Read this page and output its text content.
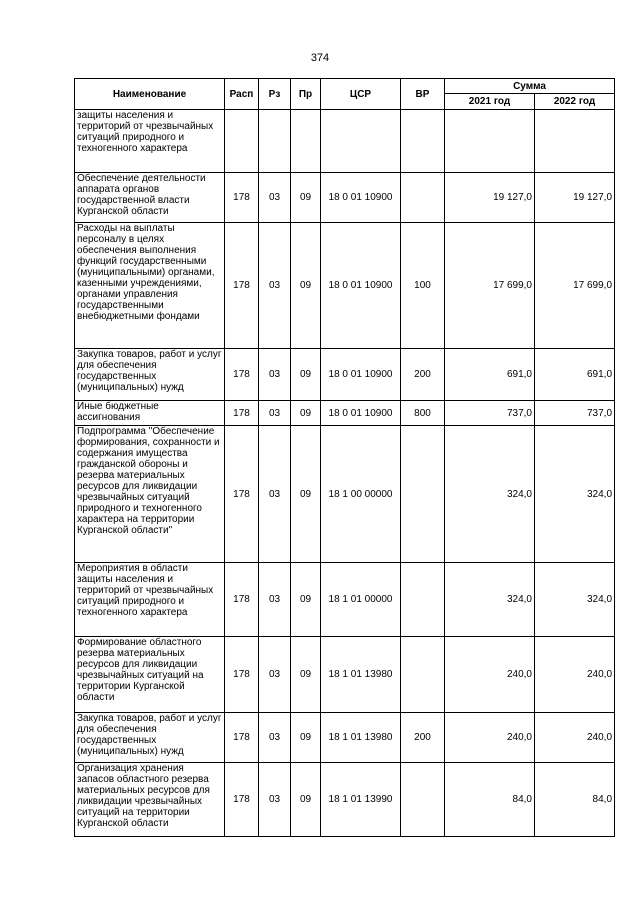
374
Наименование	Расп	Рз	Пр	ЦСР	ВР	Сумма	
						2021 год	2022 год
защиты населения и территорий от чрезвычайных ситуаций природного и техногенного характера							
Обеспечение деятельности аппарата органов государственной власти Курганской области	178	03	09	18 0 01 10900		19 127,0	19 127,0
Расходы на выплаты персоналу в целях обеспечения выполнения функций государственными (муниципальными) органами, казенными учреждениями, органами управления государственными внебюджетными фондами	178	03	09	18 0 01 10900	100	17 699,0	17 699,0
Закупка товаров, работ и услуг для обеспечения государственных (муниципальных) нужд	178	03	09	18 0 01 10900	200	691,0	691,0
Иные бюджетные ассигнования	178	03	09	18 0 01 10900	800	737,0	737,0
Подпрограмма "Обеспечение формирования, сохранности и содержания имущества гражданской обороны и резерва материальных ресурсов для ликвидации чрезвычайных ситуаций природного и техногенного характера на территории Курганской области"	178	03	09	18 1 00 00000		324,0	324,0
Мероприятия в области защиты населения и территорий от чрезвычайных ситуаций природного и техногенного характера	178	03	09	18 1 01 00000		324,0	324,0
Формирование областного резерва материальных ресурсов для ликвидации чрезвычайных ситуаций на территории Курганской области	178	03	09	18 1 01 13980		240,0	240,0
Закупка товаров, работ и услуг для обеспечения государственных (муниципальных) нужд	178	03	09	18 1 01 13980	200	240,0	240,0
Организация хранения запасов областного резерва материальных ресурсов для ликвидации чрезвычайных ситуаций на территории Курганской области	178	03	09	18 1 01 13990		84,0	84,0
